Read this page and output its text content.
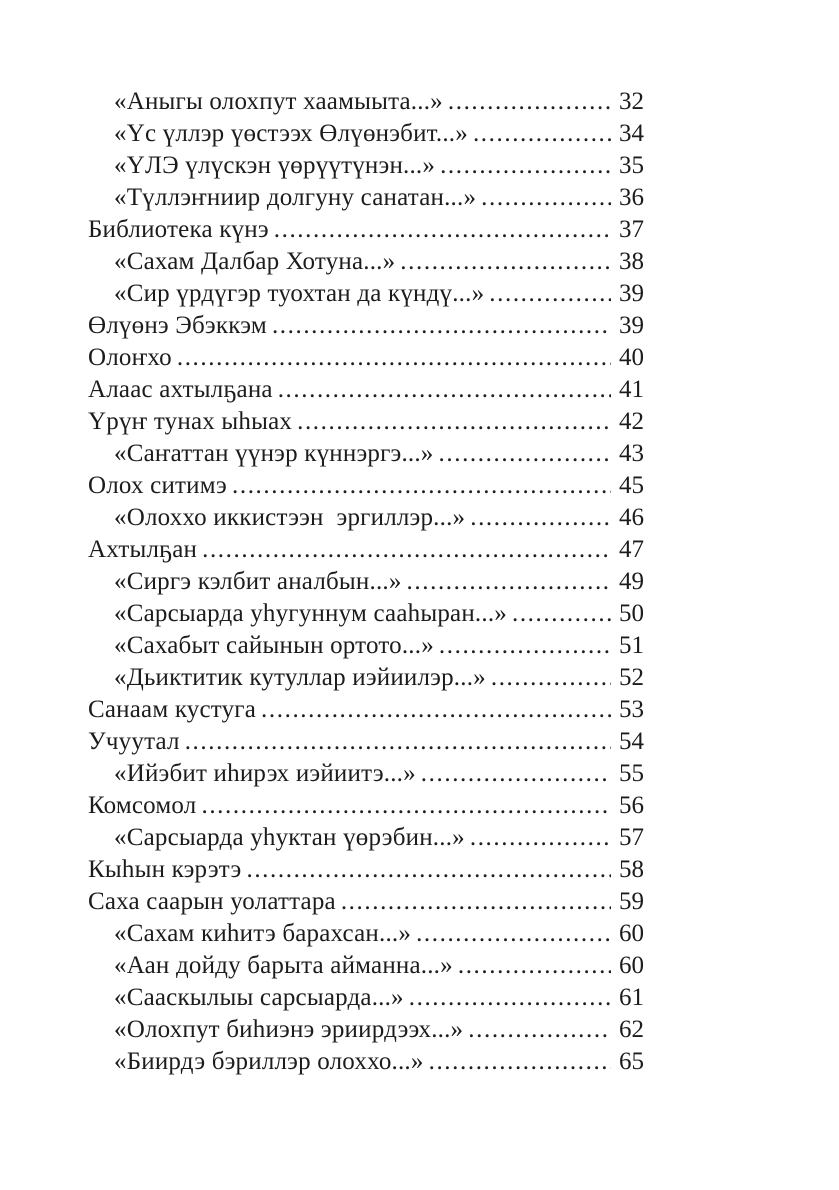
«Аныгы олохпут хаамыыта...» .....	32
«Үс үллэр үөстээх Өлүөнэбит...» .....	34
«ҮЛЭ үлүскэн үөрүүтүнэн...» .....	35
«Түллэҥниир долгуну санатан...» .....	36
Библиотека күнэ .....	37
«Сахам Далбар Хотуна...» .....	38
«Сир үрдүгэр туохтан да күндү...» .....	39
Өлүөнэ Эбэккэм .....	39
Олоҥхо .....	40
Алаас ахтылҕана .....	41
Үрүҥ тунах ыһыах .....	42
«Саҥаттан үүнэр күннэргэ...» .....	43
Олох ситимэ .....	45
«Олоххо иккистээн  эргиллэр...» .....	46
Ахтылҕан .....	47
«Сиргэ кэлбит аналбын...» .....	49
«Сарсыарда уһугуннум сааһыран...» .....	50
«Сахабыт сайынын ортото...» .....	51
«Дьиктитик кутуллар иэйиилэр...» .....	52
Санаам кустуга .....	53
Учуутал .....	54
«Ийэбит иһирэх иэйиитэ...» .....	55
Комсомол .....	56
«Сарсыарда уһуктан үөрэбин...» .....	57
Кыһын кэрэтэ .....	58
Саха саарын уолаттара .....	59
«Сахам киһитэ барахсан...» .....	60
«Аан дойду барыта айманна...» .....	60
«Сааскылыы сарсыарда...» .....	61
«Олохпут биһиэнэ эриирдээх...» .....	62
«Биирдэ бэриллэр олоххо...» .....	65
